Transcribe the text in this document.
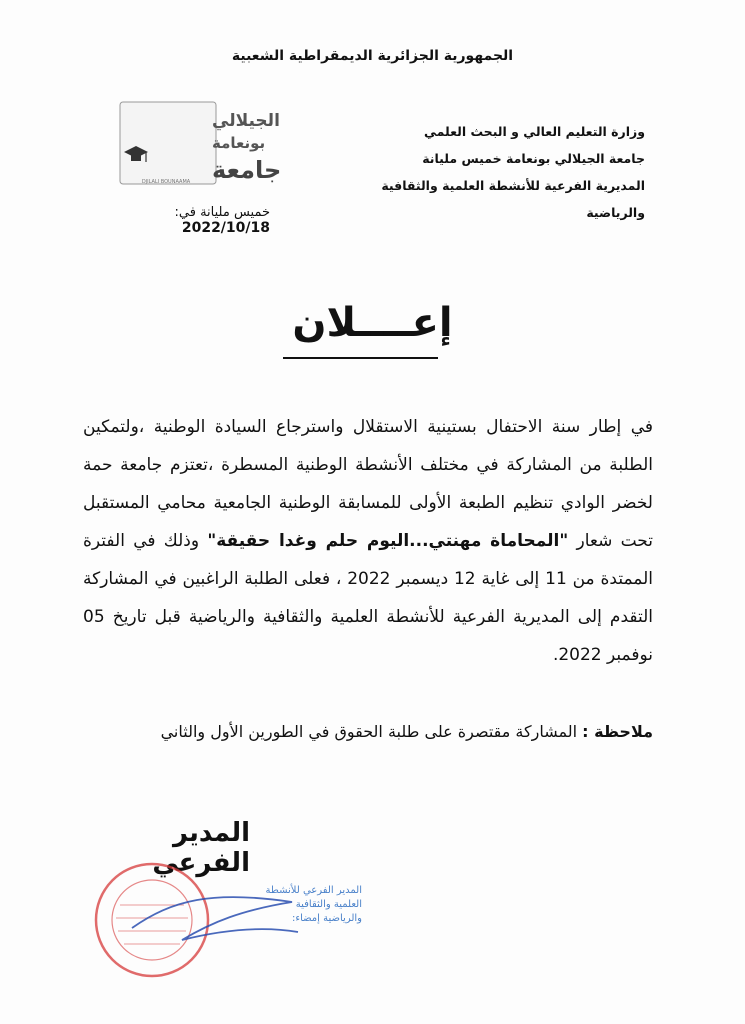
الجمهورية الجزائرية الديمقراطية الشعبية
وزارة التعليم العالي و البحث العلمي
جامعة الجيلالي بونعامة خميس مليانة
المديرية الفرعية للأنشطة العلمية والثقافية والرياضية
الجيلالي
بونعامة
جامعة
DJILALI BOUNAAMA
خميس مليانة في: 2022/10/18
إعــــلان

في إطار سنة الاحتفال بستينية الاستقلال واسترجاع السيادة الوطنية ،ولتمكين الطلبة من المشاركة في مختلف الأنشطة الوطنية المسطرة ،تعتزم جامعة حمة لخضر الوادي تنظيم الطبعة الأولى للمسابقة الوطنية الجامعية محامي المستقبل تحت شعار "المحاماة مهنتي...اليوم حلم وغدا حقيقة" وذلك في الفترة الممتدة من 11 إلى غاية 12 ديسمبر 2022 ، فعلى الطلبة الراغبين في المشاركة التقدم إلى المديرية الفرعية للأنشطة العلمية والثقافية والرياضية قبل تاريخ 05 نوفمبر 2022.

ملاحظة : المشاركة مقتصرة على طلبة الحقوق في الطورين الأول والثاني
المدير الفرعي
المدير الفرعي للأنشطة العلمية والثقافية والرياضية إمضاء:
